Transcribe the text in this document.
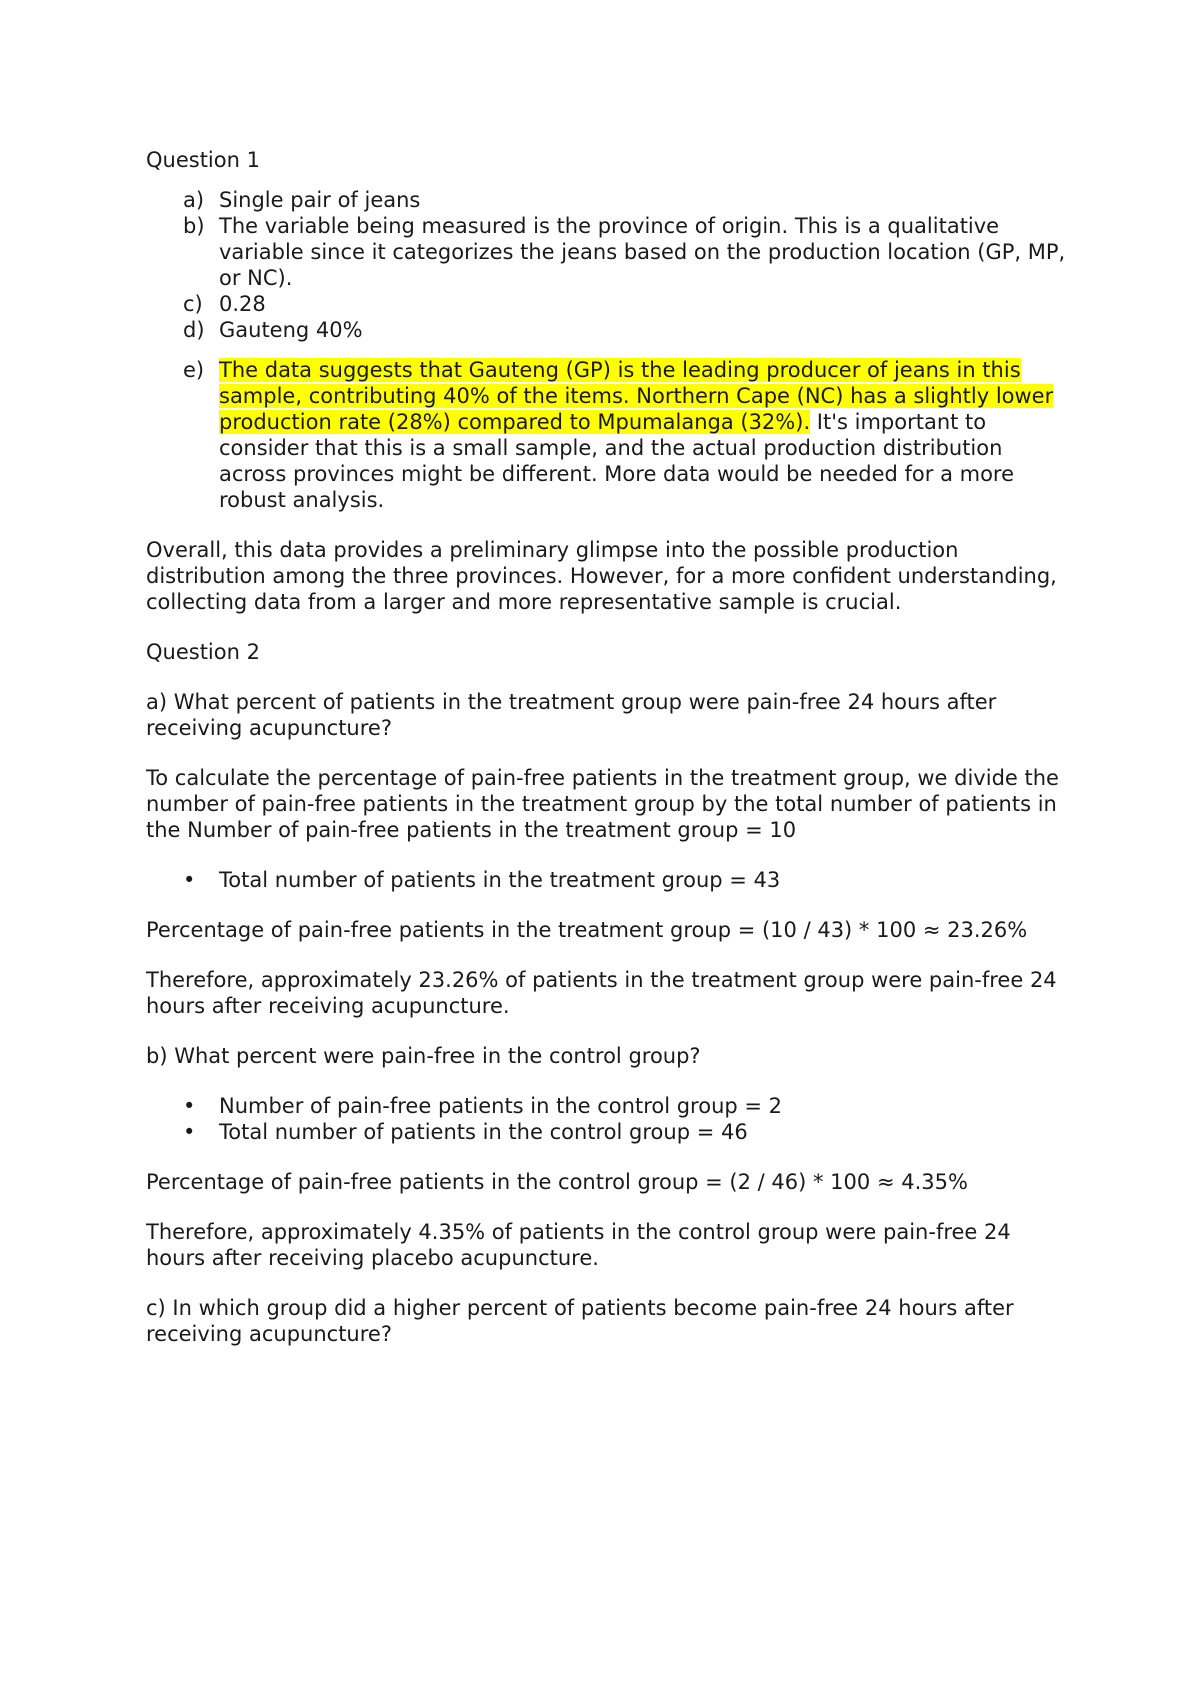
Question 1

a) Single pair of jeans
b) The variable being measured is the province of origin. This is a qualitative variable since it categorizes the jeans based on the production location (GP, MP, or NC).
c) 0.28
d) Gauteng 40%
e) The data suggests that Gauteng (GP) is the leading producer of jeans in this sample, contributing 40% of the items. Northern Cape (NC) has a slightly lower production rate (28%) compared to Mpumalanga (32%). It's important to consider that this is a small sample, and the actual production distribution across provinces might be different. More data would be needed for a more robust analysis.

Overall, this data provides a preliminary glimpse into the possible production distribution among the three provinces. However, for a more confident understanding, collecting data from a larger and more representative sample is crucial.

Question 2

a) What percent of patients in the treatment group were pain-free 24 hours after receiving acupuncture?

To calculate the percentage of pain-free patients in the treatment group, we divide the number of pain-free patients in the treatment group by the total number of patients in the Number of pain-free patients in the treatment group = 10

• Total number of patients in the treatment group = 43

Percentage of pain-free patients in the treatment group = (10 / 43) * 100 ≈ 23.26%

Therefore, approximately 23.26% of patients in the treatment group were pain-free 24 hours after receiving acupuncture.

b) What percent were pain-free in the control group?

• Number of pain-free patients in the control group = 2
• Total number of patients in the control group = 46

Percentage of pain-free patients in the control group = (2 / 46) * 100 ≈ 4.35%

Therefore, approximately 4.35% of patients in the control group were pain-free 24 hours after receiving placebo acupuncture.

c) In which group did a higher percent of patients become pain-free 24 hours after receiving acupuncture?
